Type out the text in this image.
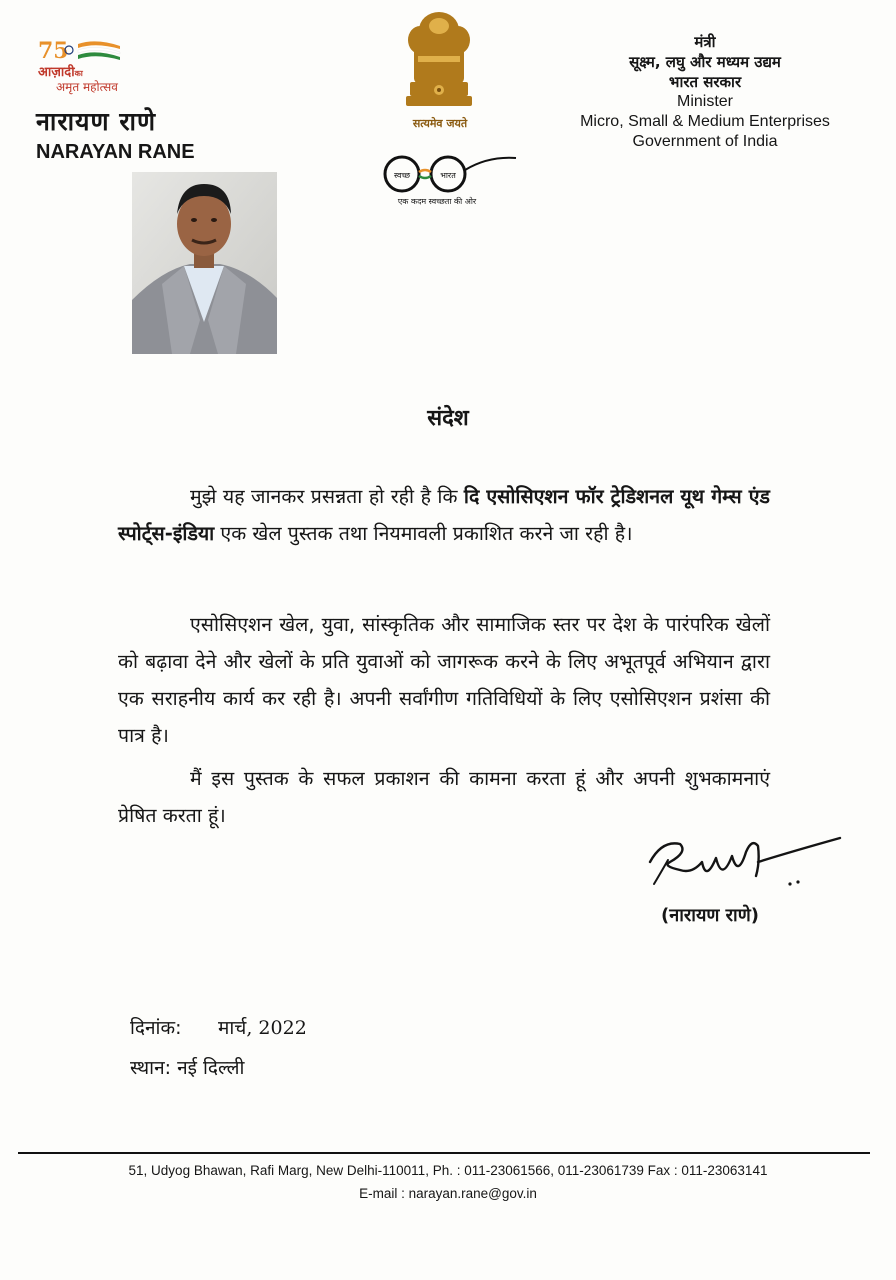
75
आज़ादीका
अमृत महोत्सव
नारायण राणे
NARAYAN RANE
सत्यमेव जयते
स्वच्छ	भारत
एक कदम स्वच्छता की ओर
मंत्री
सूक्ष्म, लघु और मध्यम उद्यम
भारत सरकार
Minister
Micro, Small & Medium Enterprises
Government of India
संदेश
मुझे यह जानकर प्रसन्नता हो रही है कि दि एसोसिएशन फॉर ट्रेडिशनल यूथ गेम्स एंड स्पोर्ट्स-इंडिया एक खेल पुस्तक तथा नियमावली प्रकाशित करने जा रही है।
एसोसिएशन खेल, युवा, सांस्कृतिक और सामाजिक स्तर पर देश के पारंपरिक खेलों को बढ़ावा देने और खेलों के प्रति युवाओं को जागरूक करने के लिए अभूतपूर्व अभियान द्वारा एक सराहनीय कार्य कर रही है। अपनी सर्वांगीण गतिविधियों के लिए एसोसिएशन प्रशंसा की पात्र है।
मैं इस पुस्तक के सफल प्रकाशन की कामना करता हूं और अपनी शुभकामनाएं प्रेषित करता हूं।
(नारायण राणे)
दिनांक: मार्च, 2022
स्थान: नई दिल्ली
51, Udyog Bhawan, Rafi Marg, New Delhi-110011, Ph. : 011-23061566, 011-23061739 Fax : 011-23063141
E-mail : narayan.rane@gov.in
